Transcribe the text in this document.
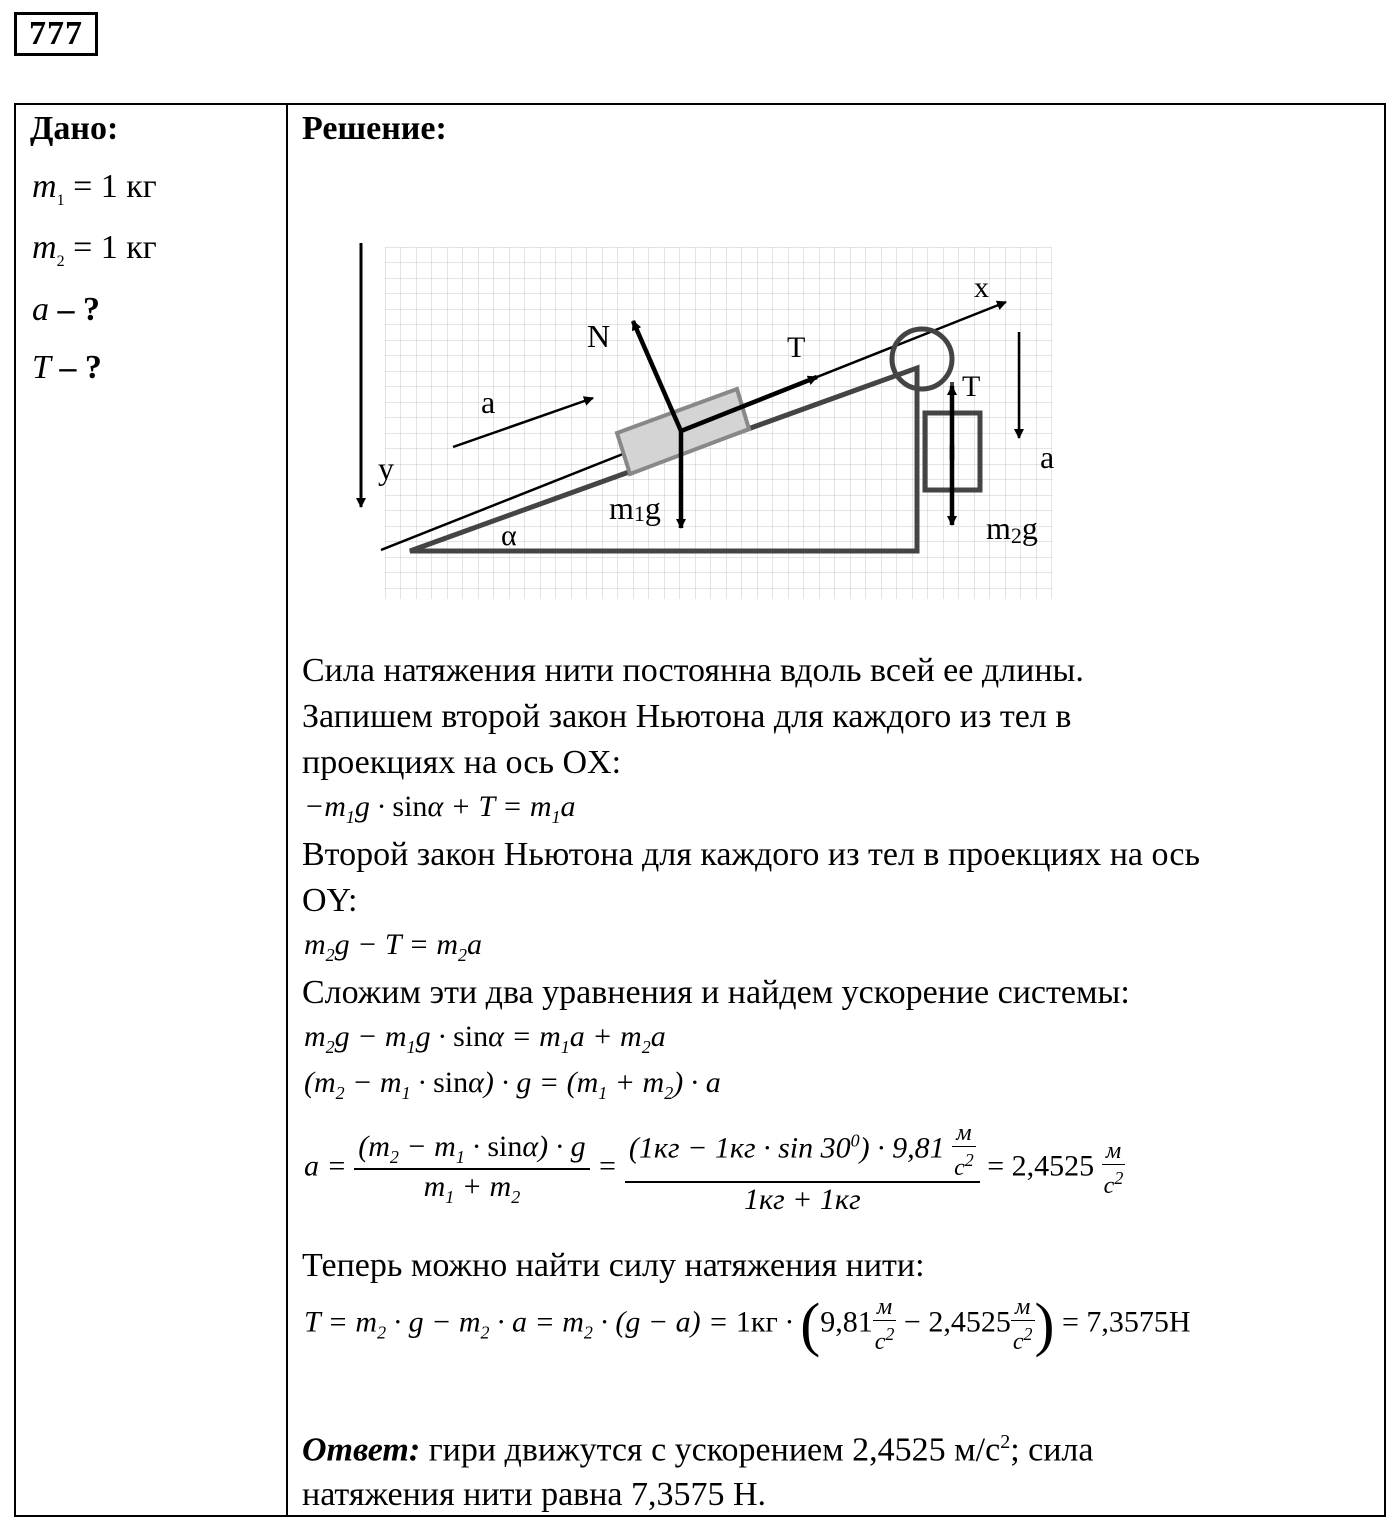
777
Дано:
$m_1 = 1$ кг
$m_2 = 1$ кг
a – ?
T – ?
Решение:
x
y
N	T
T
a
a
α
m1g
m2g
Сила натяжения нити постоянна вдоль всей ее длины.
Запишем второй закон Ньютона для каждого из тел в
проекциях на ось OX:
$-m_1g \cdot \sin\alpha + T = m_1a$
Второй закон Ньютона для каждого из тел в проекциях на ось
OY:
$m_2g - T = m_2a$
Сложим эти два уравнения и найдем ускорение системы:
$m_2g - m_1g \cdot \sin\alpha = m_1a + m_2a$
$(m_2 - m_1 \cdot \sin\alpha) \cdot g = (m_1 + m_2) \cdot a$
$a = \frac{(m_2 - m_1 \cdot \sin\alpha) \cdot g}{m_1 + m_2} = (1кг - 1кг \cdot \sin 30^0) \cdot 9,81$ м
$c^2$
1кг + 1кг = 2,4525 м
$c^2$
Теперь можно найти силу натяжения нити:
$T = m_2 \cdot g - m_2 \cdot a = m_2 \cdot (g - a) = 1кг \cdot (9,81$ м
$c^2 - 2,4525$ м
$c^2$ ) = 7,3575H
Ответ: гири движутся с ускорением 2,4525 $м/с^2$; сила
натяжения нити равна 7,3575 Н.
